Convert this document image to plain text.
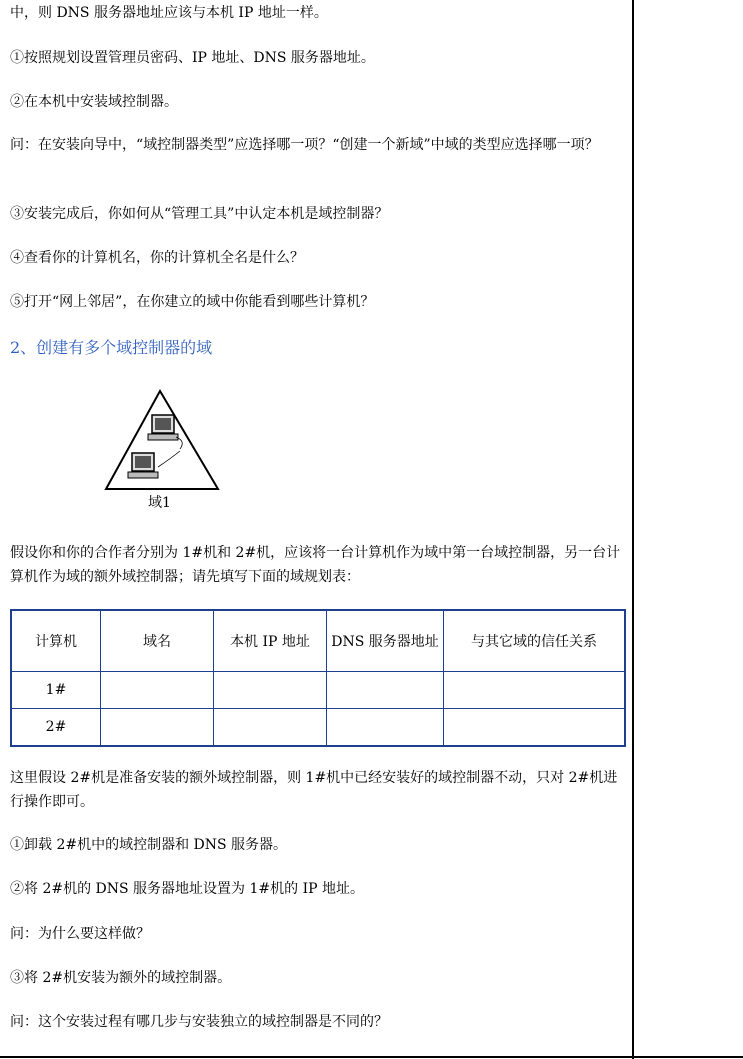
中，则 DNS 服务器地址应该与本机 IP 地址一样。

①按照规划设置管理员密码、IP 地址、DNS 服务器地址。

②在本机中安装域控制器。

问：在安装向导中，“域控制器类型”应选择哪一项？“创建一个新域”中域的类型应选择哪一项？

③安装完成后，你如何从“管理工具”中认定本机是域控制器？

④查看你的计算机名，你的计算机全名是什么？

⑤打开“网上邻居”，在你建立的域中你能看到哪些计算机？

2、创建有多个域控制器的域
域1

假设你和你的合作者分别为 1#机和 2#机，应该将一台计算机作为域中第一台域控制器，另一台计算机作为域的额外域控制器；请先填写下面的域规划表：

计算机	域名	本机 IP 地址	DNS 服务器地址	与其它域的信任关系
1#				
2#				

这里假设 2#机是准备安装的额外域控制器，则 1#机中已经安装好的域控制器不动，只对 2#机进行操作即可。

①卸载 2#机中的域控制器和 DNS 服务器。

②将 2#机的 DNS 服务器地址设置为 1#机的 IP 地址。

问：为什么要这样做？

③将 2#机安装为额外的域控制器。

问：这个安装过程有哪几步与安装独立的域控制器是不同的？
